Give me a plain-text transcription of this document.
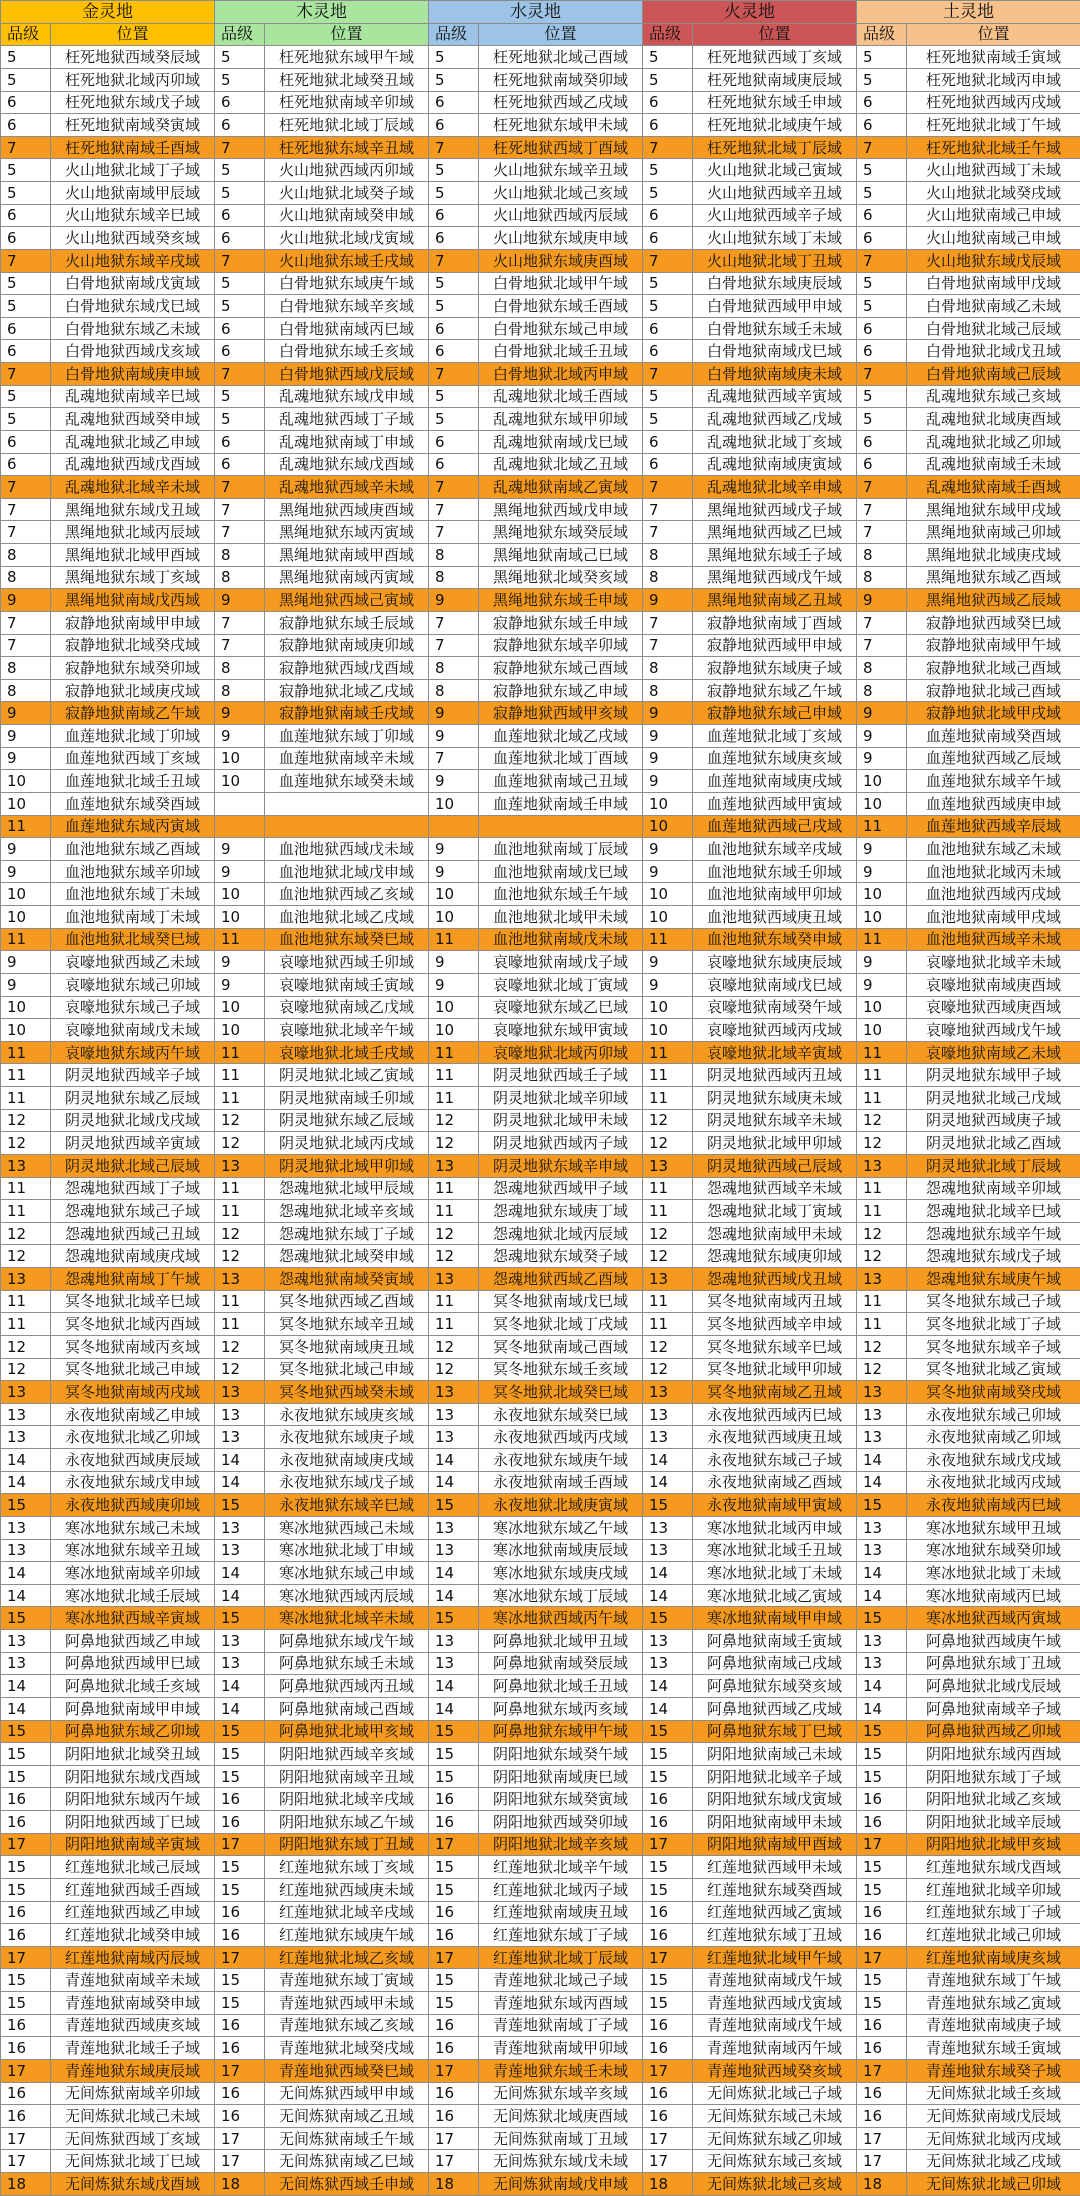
金灵地		木灵地		水灵地		火灵地		土灵地	
品级	位置	品级	位置	品级	位置	品级	位置	品级	位置
5	枉死地狱西域癸辰域	5	枉死地狱东域甲午域	5	枉死地狱北域己酉域	5	枉死地狱西域丁亥域	5	枉死地狱南域壬寅域
5	枉死地狱北域丙卯域	5	枉死地狱北域癸丑域	5	枉死地狱南域癸卯域	5	枉死地狱南域庚辰域	5	枉死地狱北域丙申域
6	枉死地狱东域戊子域	6	枉死地狱南域辛卯域	6	枉死地狱西域乙戌域	6	枉死地狱东域壬申域	6	枉死地狱西域丙戌域
6	枉死地狱南域癸寅域	6	枉死地狱北域丁辰域	6	枉死地狱东域甲未域	6	枉死地狱北域庚午域	6	枉死地狱北域丁午域
7	枉死地狱南域壬酉域	7	枉死地狱东域辛丑域	7	枉死地狱西域丁酉域	7	枉死地狱北域丁辰域	7	枉死地狱北域壬午域
5	火山地狱北域丁子域	5	火山地狱西域丙卯域	5	火山地狱东域辛丑域	5	火山地狱北域己寅域	5	火山地狱西域丁未域
5	火山地狱南域甲辰域	5	火山地狱北域癸子域	5	火山地狱北域己亥域	5	火山地狱西域辛丑域	5	火山地狱北域癸戌域
6	火山地狱东域辛巳域	6	火山地狱南域癸申域	6	火山地狱西域丙辰域	6	火山地狱西域辛子域	6	火山地狱南域己申域
6	火山地狱西域癸亥域	6	火山地狱北域戊寅域	6	火山地狱东域庚申域	6	火山地狱东域丁未域	6	火山地狱南域己申域
7	火山地狱东域辛戌域	7	火山地狱东域壬戌域	7	火山地狱东域庚酉域	7	火山地狱北域丁丑域	7	火山地狱东域戊辰域
5	白骨地狱南域戊寅域	5	白骨地狱东域庚午域	5	白骨地狱北域甲午域	5	白骨地狱东域庚辰域	5	白骨地狱南域甲戊域
5	白骨地狱东域戊巳域	5	白骨地狱东域辛亥域	5	白骨地狱东域壬酉域	5	白骨地狱西域甲申域	5	白骨地狱南域乙未域
6	白骨地狱东域乙未域	6	白骨地狱南域丙巳域	6	白骨地狱东域己申域	6	白骨地狱东域壬未域	6	白骨地狱北域己辰域
6	白骨地狱西域戊亥域	6	白骨地狱东域壬亥域	6	白骨地狱北域壬丑域	6	白骨地狱南域戊巳域	6	白骨地狱北域戊丑域
7	白骨地狱南域庚申域	7	白骨地狱西域戊辰域	7	白骨地狱北域丙申域	7	白骨地狱南域庚未域	7	白骨地狱南域己辰域
5	乱魂地狱南域辛巳域	5	乱魂地狱东域戊申域	5	乱魂地狱北域壬酉域	5	乱魂地狱西域辛寅域	5	乱魂地狱东域己亥域
5	乱魂地狱西域癸申域	5	乱魂地狱西域丁子域	5	乱魂地狱东域甲卯域	5	乱魂地狱西域乙戊域	5	乱魂地狱北域庚酉域
6	乱魂地狱北域乙申域	6	乱魂地狱南域丁申域	6	乱魂地狱南域戊巳域	6	乱魂地狱北域丁亥域	6	乱魂地狱北域乙卯域
6	乱魂地狱西域戊酉域	6	乱魂地狱东域戊酉域	6	乱魂地狱北域乙丑域	6	乱魂地狱南域庚寅域	6	乱魂地狱南域壬未域
7	乱魂地狱北域辛未域	7	乱魂地狱西域辛未域	7	乱魂地狱南域乙寅域	7	乱魂地狱北域辛申域	7	乱魂地狱南域壬酉域
7	黑绳地狱东域戊丑域	7	黑绳地狱西域庚酉域	7	黑绳地狱西域戊申域	7	黑绳地狱西域戊子域	7	黑绳地狱东域甲戌域
7	黑绳地狱北域丙辰域	7	黑绳地狱东域丙寅域	7	黑绳地狱东域癸辰域	7	黑绳地狱西域乙巳域	7	黑绳地狱南域己卯域
8	黑绳地狱北域甲酉域	8	黑绳地狱南域甲酉域	8	黑绳地狱南域己巳域	8	黑绳地狱东域壬子域	8	黑绳地狱北域庚戌域
8	黑绳地狱东域丁亥域	8	黑绳地狱南域丙寅域	8	黑绳地狱北域癸亥域	8	黑绳地狱西域戊午域	8	黑绳地狱东域乙酉域
9	黑绳地狱南域戊西域	9	黑绳地狱西域己寅域	9	黑绳地狱东域壬申域	9	黑绳地狱南域乙丑域	9	黑绳地狱西域乙辰域
7	寂静地狱南域甲申域	7	寂静地狱东域壬辰域	7	寂静地狱东域壬申域	7	寂静地狱南域丁酉域	7	寂静地狱西域癸巳域
7	寂静地狱北域癸戌域	7	寂静地狱南域庚卯域	7	寂静地狱东域辛卯域	7	寂静地狱西域甲申域	7	寂静地狱南域甲午域
8	寂静地狱东域癸卯域	8	寂静地狱西域戊酉域	8	寂静地狱东域己酉域	8	寂静地狱东域庚子域	8	寂静地狱北域己酉域
8	寂静地狱北域庚戌域	8	寂静地狱北域乙戌域	8	寂静地狱东域乙申域	8	寂静地狱东域乙午域	8	寂静地狱北域己酉域
9	寂静地狱南域乙午域	9	寂静地狱南域壬戌域	9	寂静地狱西域甲亥域	9	寂静地狱东域己申域	9	寂静地狱北域甲戌域
9	血莲地狱北域丁卯域	9	血莲地狱东域丁卯域	9	血莲地狱北域乙戌域	9	血莲地狱北域丁亥域	9	血莲地狱南域癸酉域
9	血莲地狱西域丁亥域	10	血莲地狱南域辛未域	7	血莲地狱北域丁酉域	9	血莲地狱东域庚亥域	9	血莲地狱西域乙辰域
10	血莲地狱北域壬丑域	10	血莲地狱东域癸未域	9	血莲地狱南域己丑域	9	血莲地狱南域庚戌域	10	血莲地狱东域辛午域
10	血莲地狱东域癸酉域			10	血莲地狱南域壬申域	10	血莲地狱西域甲寅域	10	血莲地狱西域庚申域
11	血莲地狱东域丙寅域					10	血莲地狱西域己戌域	11	血莲地狱西域辛辰域
9	血池地狱东域乙酉域	9	血池地狱西域戊未域	9	血池地狱南域丁辰域	9	血池地狱东域辛戌域	9	血池地狱东域乙未域
9	血池地狱东域辛卯域	9	血池地狱北域戊申域	9	血池地狱南域戊巳域	9	血池地狱东域壬卯域	9	血池地狱北域丙未域
10	血池地狱东域丁未域	10	血池地狱西域乙亥域	10	血池地狱东域壬午域	10	血池地狱南域甲卯域	10	血池地狱西域丙戌域
10	血池地狱南域丁未域	10	血池地狱北域乙戌域	10	血池地狱北域甲未域	10	血池地狱西域庚丑域	10	血池地狱南域甲戌域
11	血池地狱北域癸巳域	11	血池地狱东域癸巳域	11	血池地狱南域戊未域	11	血池地狱东域癸申域	11	血池地狱西域辛未域
9	哀嚎地狱西域乙未域	9	哀嚎地狱西域壬卯域	9	哀嚎地狱南域戊子域	9	哀嚎地狱东域庚辰域	9	哀嚎地狱北域辛未域
9	哀嚎地狱东域己卯域	9	哀嚎地狱南域壬寅域	9	哀嚎地狱北域丁寅域	9	哀嚎地狱南域戊巳域	9	哀嚎地狱南域庚酉域
10	哀嚎地狱东域己子域	10	哀嚎地狱南域乙戊域	10	哀嚎地狱东域乙巳域	10	哀嚎地狱南域癸午域	10	哀嚎地狱西域庚酉域
10	哀嚎地狱南域戊未域	10	哀嚎地狱北域辛午域	10	哀嚎地狱东域甲寅域	10	哀嚎地狱西域丙戌域	10	哀嚎地狱西域戊午域
11	哀嚎地狱东域丙午域	11	哀嚎地狱北域壬戌域	11	哀嚎地狱北域丙卯域	11	哀嚎地狱北域辛寅域	11	哀嚎地狱南域乙未域
11	阴灵地狱西域辛子域	11	阴灵地狱北域乙寅域	11	阴灵地狱西域壬子域	11	阴灵地狱西域丙丑域	11	阴灵地狱东域甲子域
11	阴灵地狱东域乙辰域	11	阴灵地狱南域壬卯域	11	阴灵地狱北域辛卯域	11	阴灵地狱东域庚未域	11	阴灵地狱北域己戊域
12	阴灵地狱北域戊戌域	12	阴灵地狱东域乙辰域	12	阴灵地狱北域甲未域	12	阴灵地狱东域辛未域	12	阴灵地狱西域庚子域
12	阴灵地狱西域辛寅域	12	阴灵地狱北域丙戌域	12	阴灵地狱西域丙子域	12	阴灵地狱北域甲卯域	12	阴灵地狱北域乙酉域
13	阴灵地狱北域己辰域	13	阴灵地狱北域甲卯域	13	阴灵地狱东域辛申域	13	阴灵地狱西域己辰域	13	阴灵地狱北域丁辰域
11	怨魂地狱西域丁子域	11	怨魂地狱北域甲辰域	11	怨魂地狱西域甲子域	11	怨魂地狱西域辛未域	11	怨魂地狱南域辛卯域
11	怨魂地狱东域己子域	11	怨魂地狱北域辛亥域	11	怨魂地狱东域庚丁域	11	怨魂地狱北域丁寅域	11	怨魂地狱北域辛巳域
12	怨魂地狱西域己丑域	12	怨魂地狱东域丁子域	12	怨魂地狱北域丙辰域	12	怨魂地狱南域甲未域	12	怨魂地狱东域辛午域
12	怨魂地狱南域庚戌域	12	怨魂地狱北域癸申域	12	怨魂地狱东域癸子域	12	怨魂地狱东域庚卯域	12	怨魂地狱东域戊子域
13	怨魂地狱南域丁午域	13	怨魂地狱南域癸寅域	13	怨魂地狱西域乙酉域	13	怨魂地狱西域戊丑域	13	怨魂地狱东域庚午域
11	冥冬地狱北域辛巳域	11	冥冬地狱西域乙酉域	11	冥冬地狱南域戊巳域	11	冥冬地狱南域丙丑域	11	冥冬地狱东域己子域
11	冥冬地狱北域丙酉域	11	冥冬地狱东域辛丑域	11	冥冬地狱北域丁戌域	11	冥冬地狱西域辛申域	11	冥冬地狱北域丁子域
12	冥冬地狱南域丙亥域	12	冥冬地狱南域庚丑域	12	冥冬地狱南域己酉域	12	冥冬地狱东域辛巳域	12	冥冬地狱东域辛子域
12	冥冬地狱北域己申域	12	冥冬地狱北域己申域	12	冥冬地狱东域壬亥域	12	冥冬地狱北域甲卯域	12	冥冬地狱北域乙寅域
13	冥冬地狱南域丙戌域	13	冥冬地狱西域癸未域	13	冥冬地狱北域癸巳域	13	冥冬地狱南域乙丑域	13	冥冬地狱南域癸戌域
13	永夜地狱南域乙申域	13	永夜地狱东域庚亥域	13	永夜地狱东域癸巳域	13	永夜地狱西域丙巳域	13	永夜地狱东域己卯域
13	永夜地狱北域乙卯域	13	永夜地狱东域庚子域	13	永夜地狱西域丙戌域	13	永夜地狱西域庚丑域	13	永夜地狱南域乙卯域
14	永夜地狱西域庚辰域	14	永夜地狱南域庚戌域	14	永夜地狱东域庚午域	14	永夜地狱东域己子域	14	永夜地狱东域戊戌域
14	永夜地狱东域戊申域	14	永夜地狱东域戊子域	14	永夜地狱南域壬酉域	14	永夜地狱南域乙酉域	14	永夜地狱北域丙戌域
15	永夜地狱西域庚卯域	15	永夜地狱东域辛巳域	15	永夜地狱北域庚寅域	15	永夜地狱南域甲寅域	15	永夜地狱南域丙巳域
13	寒冰地狱东域己未域	13	寒冰地狱西域己未域	13	寒冰地狱东域乙午域	13	寒冰地狱北域丙申域	13	寒冰地狱东域甲丑域
13	寒冰地狱东域辛丑域	13	寒冰地狱北域丁申域	13	寒冰地狱南域庚辰域	13	寒冰地狱北域壬丑域	13	寒冰地狱东域癸卯域
14	寒冰地狱南域辛卯域	14	寒冰地狱东域己申域	14	寒冰地狱东域庚戌域	14	寒冰地狱北域丁未域	14	寒冰地狱北域丁未域
14	寒冰地狱北域壬辰域	14	寒冰地狱西域丙辰域	14	寒冰地狱东域丁辰域	14	寒冰地狱北域乙寅域	14	寒冰地狱南域丙巳域
15	寒冰地狱西域辛寅域	15	寒冰地狱北域辛未域	15	寒冰地狱西域丙午域	15	寒冰地狱南域甲申域	15	寒冰地狱西域丙寅域
13	阿鼻地狱西域乙申域	13	阿鼻地狱东域戊午域	13	阿鼻地狱北域甲丑域	13	阿鼻地狱南域壬寅域	13	阿鼻地狱西域庚午域
13	阿鼻地狱西域甲巳域	13	阿鼻地狱东域壬未域	13	阿鼻地狱南域癸辰域	13	阿鼻地狱南域己戌域	13	阿鼻地狱东域丁丑域
14	阿鼻地狱北域壬亥域	14	阿鼻地狱西域丙丑域	14	阿鼻地狱北域壬丑域	14	阿鼻地狱东域癸亥域	14	阿鼻地狱北域戊辰域
14	阿鼻地狱南域甲申域	14	阿鼻地狱南域己酉域	14	阿鼻地狱东域丙亥域	14	阿鼻地狱西域乙戌域	14	阿鼻地狱南域辛子域
15	阿鼻地狱东域乙卯域	15	阿鼻地狱北域甲亥域	15	阿鼻地狱东域甲午域	15	阿鼻地狱东域丁巳域	15	阿鼻地狱西域乙卯域
15	阴阳地狱北域癸丑域	15	阴阳地狱西域辛亥域	15	阴阳地狱东域癸午域	15	阴阳地狱南域己未域	15	阴阳地狱东域丙酉域
15	阴阳地狱东域戊酉域	15	阴阳地狱南域辛丑域	15	阴阳地狱南域庚巳域	15	阴阳地狱北域辛子域	15	阴阳地狱东域丁子域
16	阴阳地狱东域丙午域	16	阴阳地狱北域辛戌域	16	阴阳地狱东域癸寅域	16	阴阳地狱东域戊寅域	16	阴阳地狱北域乙亥域
16	阴阳地狱西域丁巳域	16	阴阳地狱东域乙午域	16	阴阳地狱西域癸卯域	16	阴阳地狱南域甲未域	16	阴阳地狱北域辛辰域
17	阴阳地狱南域辛寅域	17	阴阳地狱东域丁丑域	17	阴阳地狱北域辛亥域	17	阴阳地狱南域甲酉域	17	阴阳地狱北域甲亥域
15	红莲地狱北域己辰域	15	红莲地狱东域丁亥域	15	红莲地狱北域辛午域	15	红莲地狱西域甲未域	15	红莲地狱东域戊酉域
15	红莲地狱西域壬酉域	15	红莲地狱西域庚未域	15	红莲地狱北域丙子域	15	红莲地狱东域癸酉域	15	红莲地狱北域辛卯域
16	红莲地狱西域乙申域	16	红莲地狱北域辛戌域	16	红莲地狱南域庚丑域	16	红莲地狱西域乙寅域	16	红莲地狱东域丁子域
16	红莲地狱北域癸申域	16	红莲地狱东域庚午域	16	红莲地狱东域丁子域	16	红莲地狱东域丁丑域	16	红莲地狱北域己卯域
17	红莲地狱南域丙辰域	17	红莲地狱北域乙亥域	17	红莲地狱北域丁辰域	17	红莲地狱北域甲午域	17	红莲地狱南域庚亥域
15	青莲地狱南域辛未域	15	青莲地狱东域丁寅域	15	青莲地狱北域己子域	15	青莲地狱南域戊午域	15	青莲地狱东域丁午域
15	青莲地狱南域癸申域	15	青莲地狱西域甲未域	15	青莲地狱东域丙酉域	15	青莲地狱西域戊寅域	15	青莲地狱东域乙寅域
16	青莲地狱西域庚亥域	16	青莲地狱东域乙亥域	16	青莲地狱南域丁子域	16	青莲地狱南域戊午域	16	青莲地狱南域庚子域
16	青莲地狱北域壬子域	16	青莲地狱北域癸戌域	16	青莲地狱南域甲卯域	16	青莲地狱南域丙午域	16	青莲地狱东域壬寅域
17	青莲地狱东域庚辰域	17	青莲地狱西域癸巳域	17	青莲地狱东域壬未域	17	青莲地狱西域癸亥域	17	青莲地狱东域癸子域
16	无间炼狱南域辛卯域	16	无间炼狱西域甲申域	16	无间炼狱东域辛亥域	16	无间炼狱北域己子域	16	无间炼狱北域壬亥域
16	无间炼狱北域己未域	16	无间炼狱南域乙丑域	16	无间炼狱北域庚酉域	16	无间炼狱东域己未域	16	无间炼狱南域戊辰域
17	无间炼狱西域丁亥域	17	无间炼狱南域壬午域	17	无间炼狱南域丁丑域	17	无间炼狱东域乙卯域	17	无间炼狱北域丙戌域
17	无间炼狱北域丁巳域	17	无间炼狱南域乙巳域	17	无间炼狱东域戊未域	17	无间炼狱东域己亥域	17	无间炼狱北域乙戌域
18	无间炼狱东域戊酉域	18	无间炼狱西域壬申域	18	无间炼狱南域戊申域	18	无间炼狱北域己亥域	18	无间炼狱北域己卯域
